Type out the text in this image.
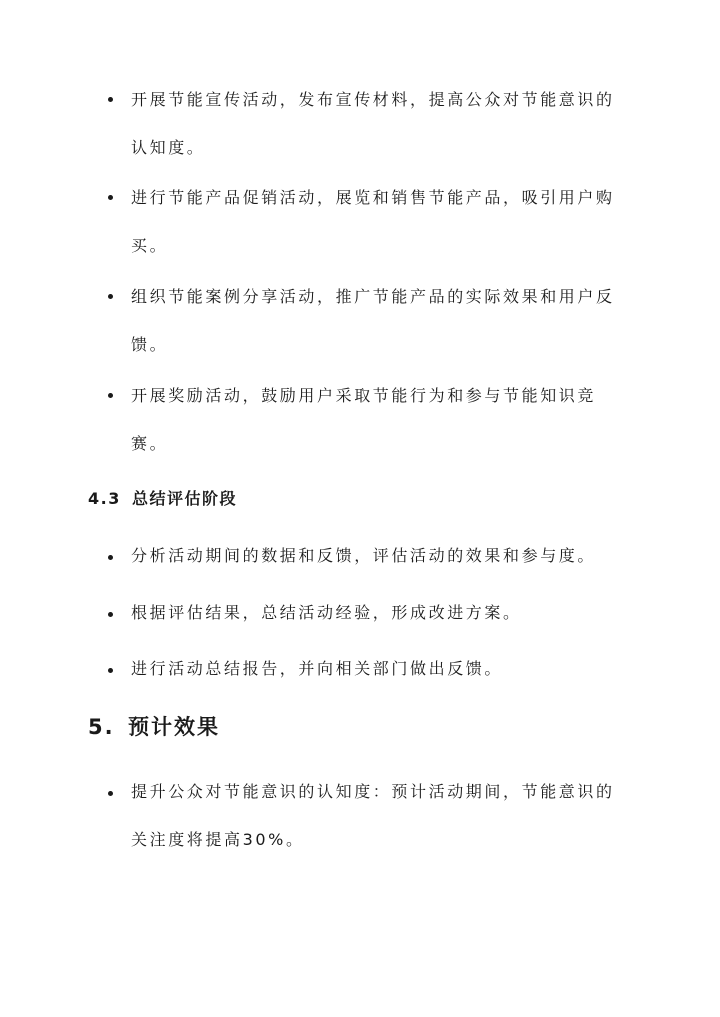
开展节能宣传活动，发布宣传材料，提高公众对节能意识的认知度。
进行节能产品促销活动，展览和销售节能产品，吸引用户购买。
组织节能案例分享活动，推广节能产品的实际效果和用户反馈。
开展奖励活动，鼓励用户采取节能行为和参与节能知识竞赛。
4.3 总结评估阶段
分析活动期间的数据和反馈，评估活动的效果和参与度。
根据评估结果，总结活动经验，形成改进方案。
进行活动总结报告，并向相关部门做出反馈。
5. 预计效果
提升公众对节能意识的认知度：预计活动期间，节能意识的关注度将提高30%。
